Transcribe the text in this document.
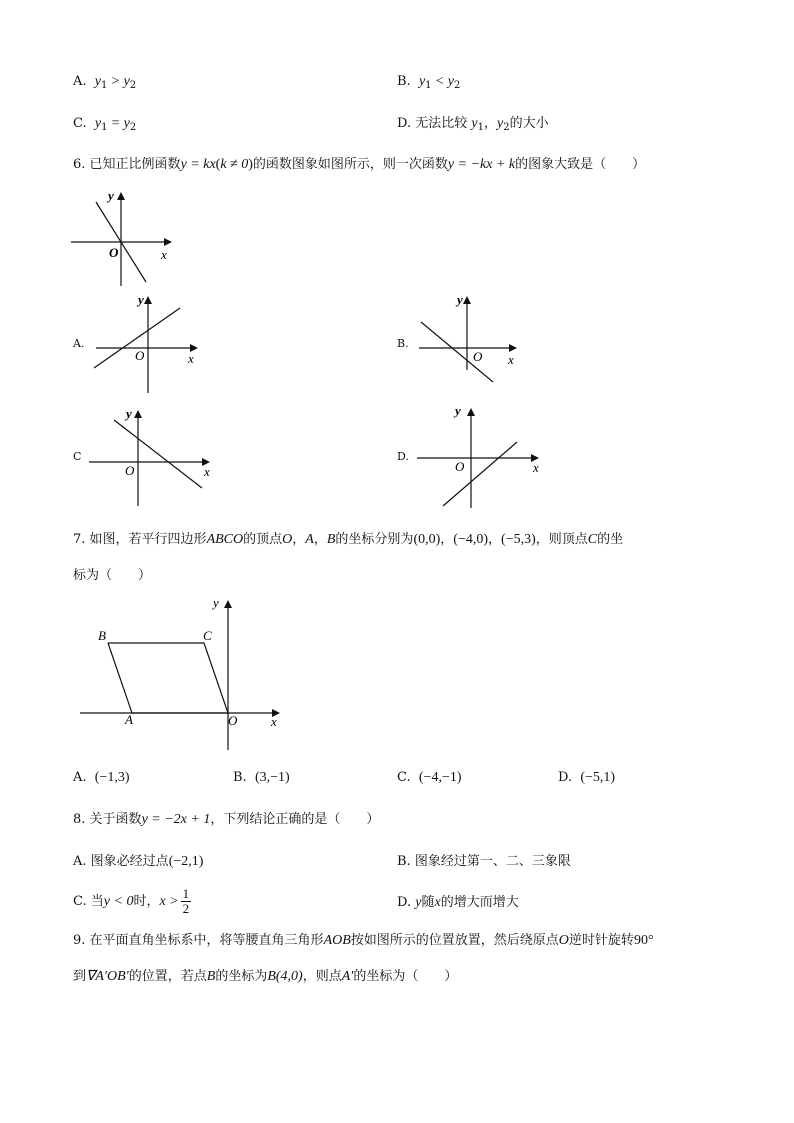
A. $y_1 > y_2$	B. $y_1 < y_2$
C. $y_1 = y_2$	D. 无法比较 $y_1$，$y_2$的大小
6. 已知正比例函数y = kx(k ≠ 0)的函数图象如图所示，则一次函数y = −kx + k的图象大致是（　　）
y
O	x
A.
y
O	x
B.
y
O x
C
y
O	x
D.
y
O	x
7. 如图，若平行四边形ABCO的顶点O，A，B的坐标分别为(0,0)，(−4,0)，(−5,3)，则顶点C的坐
标为（　　）
y
x
B	C
A	O
A. (−1,3)	B. (3,−1)	C. (−4,−1)	D. (−5,1)
8. 关于函数y = −2x + 1，下列结论正确的是（　　）
A. 图象必经过点(−2,1)	B. 图象经过第一、二、三象限
C. 当y < 0时，$x > \frac{1}{2}$	D. y随x的增大而增大
9. 在平面直角坐标系中，将等腰直角三角形AOB按如图所示的位置放置，然后绕原点O逆时针旋转90°
到∇A′OB′的位置，若点B的坐标为B(4,0)，则点A′的坐标为（　　）
